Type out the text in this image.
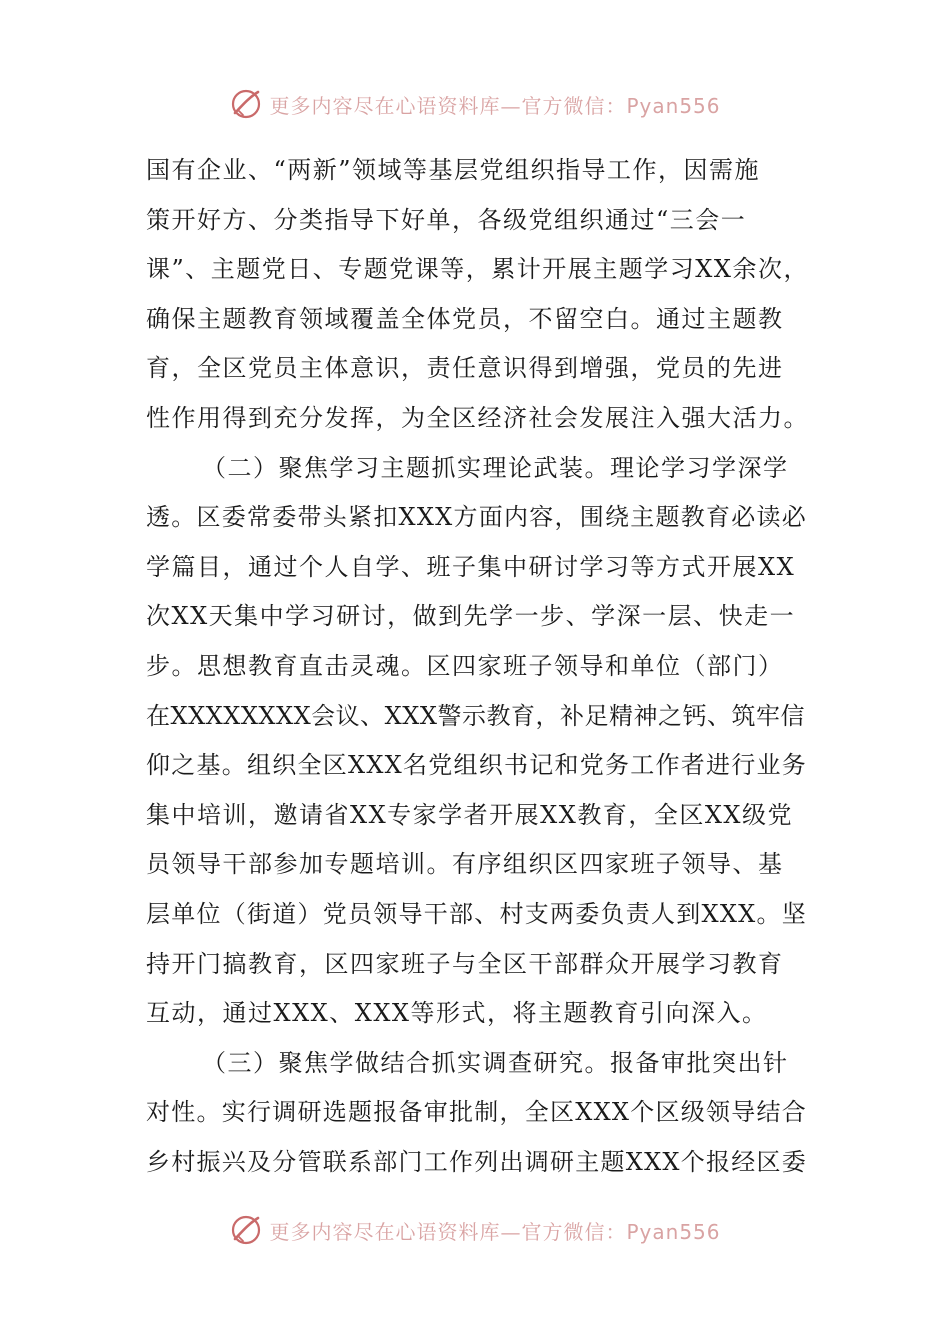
更多内容尽在心语资料库—官方微信：Pyan556
国有企业、“两新”领域等基层党组织指导工作，因需施
策开好方、分类指导下好单，各级党组织通过“三会一
课”、主题党日、专题党课等，累计开展主题学习XX余次，
确保主题教育领域覆盖全体党员，不留空白。通过主题教
育，全区党员主体意识，责任意识得到增强，党员的先进
性作用得到充分发挥，为全区经济社会发展注入强大活力。
（二）聚焦学习主题抓实理论武装。理论学习学深学
透。区委常委带头紧扣XXX方面内容，围绕主题教育必读必
学篇目，通过个人自学、班子集中研讨学习等方式开展XX
次XX天集中学习研讨，做到先学一步、学深一层、快走一
步。思想教育直击灵魂。区四家班子领导和单位（部门）
在XXXXXXXX会议、XXX警示教育，补足精神之钙、筑牢信
仰之基。组织全区XXX名党组织书记和党务工作者进行业务
集中培训，邀请省XX专家学者开展XX教育，全区XX级党
员领导干部参加专题培训。有序组织区四家班子领导、基
层单位（街道）党员领导干部、村支两委负责人到XXX。坚
持开门搞教育，区四家班子与全区干部群众开展学习教育
互动，通过XXX、XXX等形式，将主题教育引向深入。
（三）聚焦学做结合抓实调查研究。报备审批突出针
对性。实行调研选题报备审批制，全区XXX个区级领导结合
乡村振兴及分管联系部门工作列出调研主题XXX个报经区委
更多内容尽在心语资料库—官方微信：Pyan556
